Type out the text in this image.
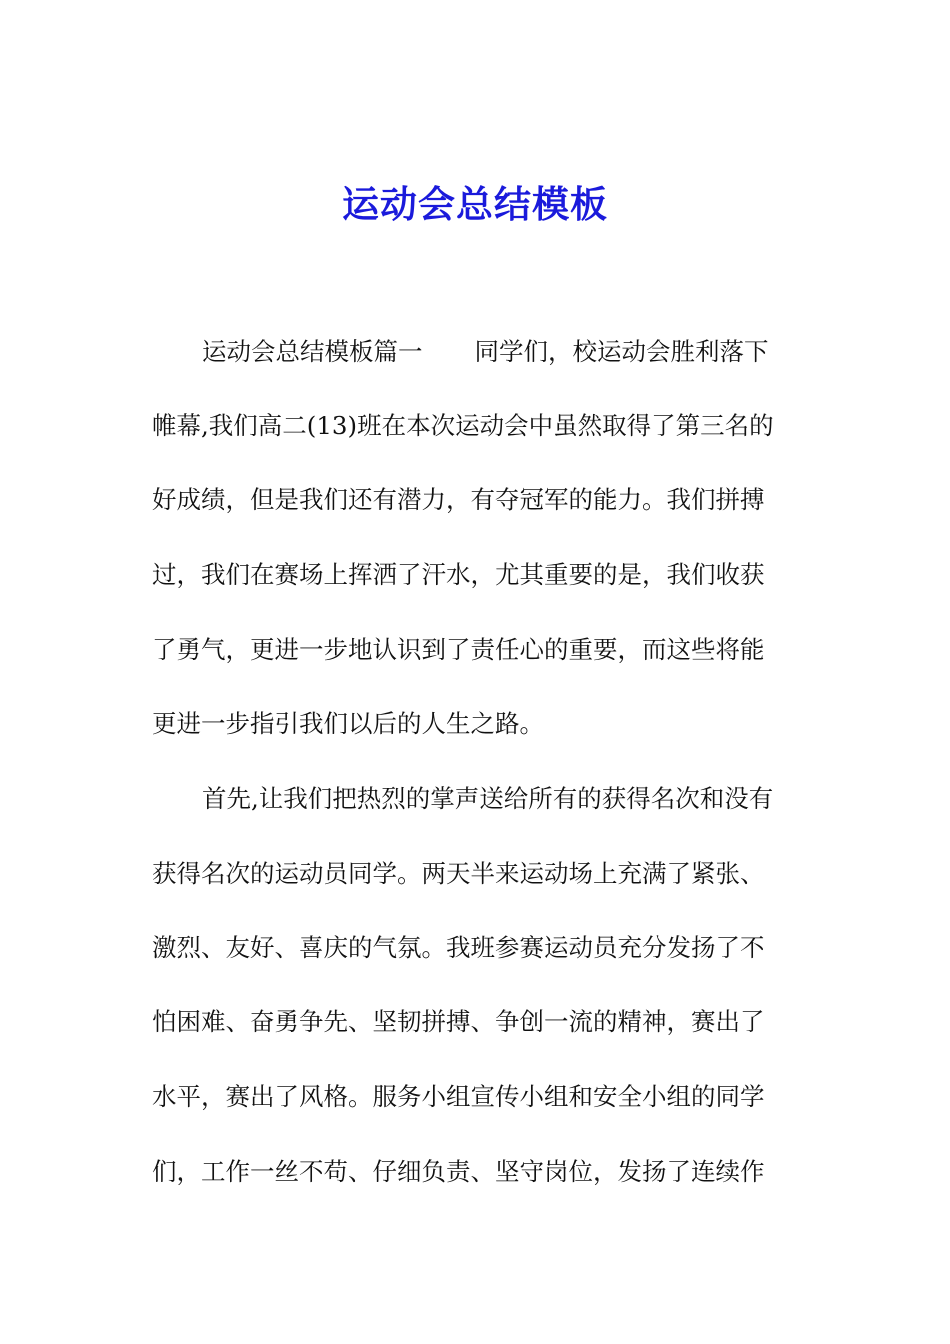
运动会总结模板

运动会总结模板篇一 同学们，校运动会胜利落下

帷幕,我们高二(13)班在本次运动会中虽然取得了第三名的

好成绩，但是我们还有潜力，有夺冠军的能力。我们拼搏

过，我们在赛场上挥洒了汗水，尤其重要的是，我们收获

了勇气，更进一步地认识到了责任心的重要，而这些将能

更进一步指引我们以后的人生之路。

首先,让我们把热烈的掌声送给所有的获得名次和没有

获得名次的运动员同学。两天半来运动场上充满了紧张、

激烈、友好、喜庆的气氛。我班参赛运动员充分发扬了不

怕困难、奋勇争先、坚韧拼搏、争创一流的精神，赛出了

水平，赛出了风格。服务小组宣传小组和安全小组的同学

们，工作一丝不苟、仔细负责、坚守岗位，发扬了连续作
